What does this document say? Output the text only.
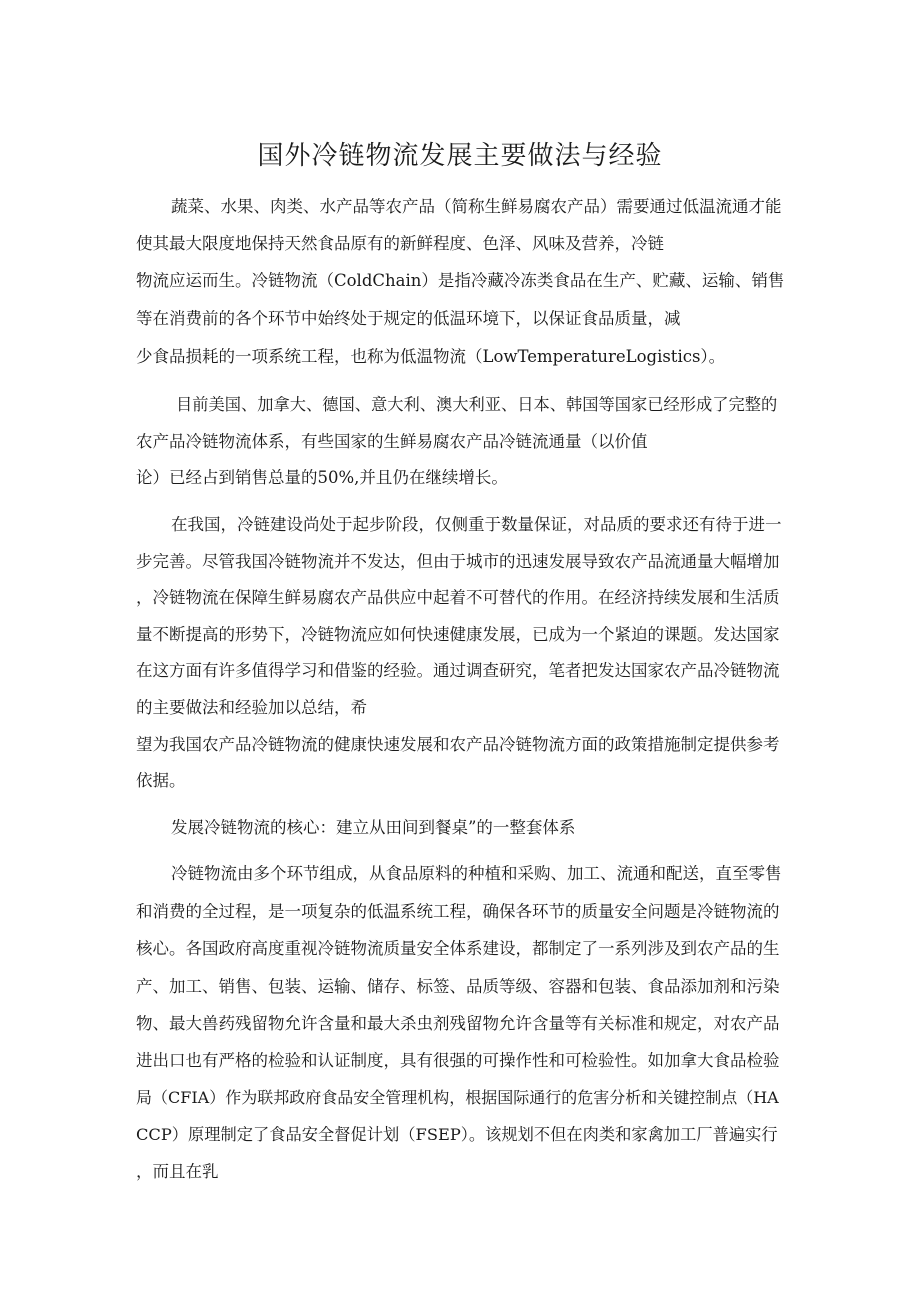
国外冷链物流发展主要做法与经验

蔬菜、水果、肉类、水产品等农产品（简称生鲜易腐农产品）需要通过低温流通才能

使其最大限度地保持天然食品原有的新鲜程度、色泽、风味及营养，冷链

物流应运而生。冷链物流（ColdChain）是指冷藏冷冻类食品在生产、贮藏、运输、销售

等在消费前的各个环节中始终处于规定的低温环境下，以保证食品质量，减

少食品损耗的一项系统工程，也称为低温物流（LowTemperatureLogistics）。

目前美国、加拿大、德国、意大利、澳大利亚、日本、韩国等国家已经形成了完整的

农产品冷链物流体系，有些国家的生鲜易腐农产品冷链流通量（以价值

论）已经占到销售总量的50%,并且仍在继续增长。

在我国，冷链建设尚处于起步阶段，仅侧重于数量保证，对品质的要求还有待于进一

步完善。尽管我国冷链物流并不发达，但由于城市的迅速发展导致农产品流通量大幅增加

，冷链物流在保障生鲜易腐农产品供应中起着不可替代的作用。在经济持续发展和生活质

量不断提高的形势下，冷链物流应如何快速健康发展，已成为一个紧迫的课题。发达国家

在这方面有许多值得学习和借鉴的经验。通过调查研究，笔者把发达国家农产品冷链物流

的主要做法和经验加以总结，希

望为我国农产品冷链物流的健康快速发展和农产品冷链物流方面的政策措施制定提供参考

依据。

发展冷链物流的核心：建立从田间到餐桌”的一整套体系

冷链物流由多个环节组成，从食品原料的种植和采购、加工、流通和配送，直至零售

和消费的全过程，是一项复杂的低温系统工程，确保各环节的质量安全问题是冷链物流的

核心。各国政府高度重视冷链物流质量安全体系建设，都制定了一系列涉及到农产品的生

产、加工、销售、包装、运输、储存、标签、品质等级、容器和包装、食品添加剂和污染

物、最大兽药残留物允许含量和最大杀虫剂残留物允许含量等有关标准和规定，对农产品

进出口也有严格的检验和认证制度，具有很强的可操作性和可检验性。如加拿大食品检验

局（CFIA）作为联邦政府食品安全管理机构，根据国际通行的危害分析和关键控制点（HA

CCP）原理制定了食品安全督促计划（FSEP）。该规划不但在肉类和家禽加工厂普遍实行

，而且在乳
